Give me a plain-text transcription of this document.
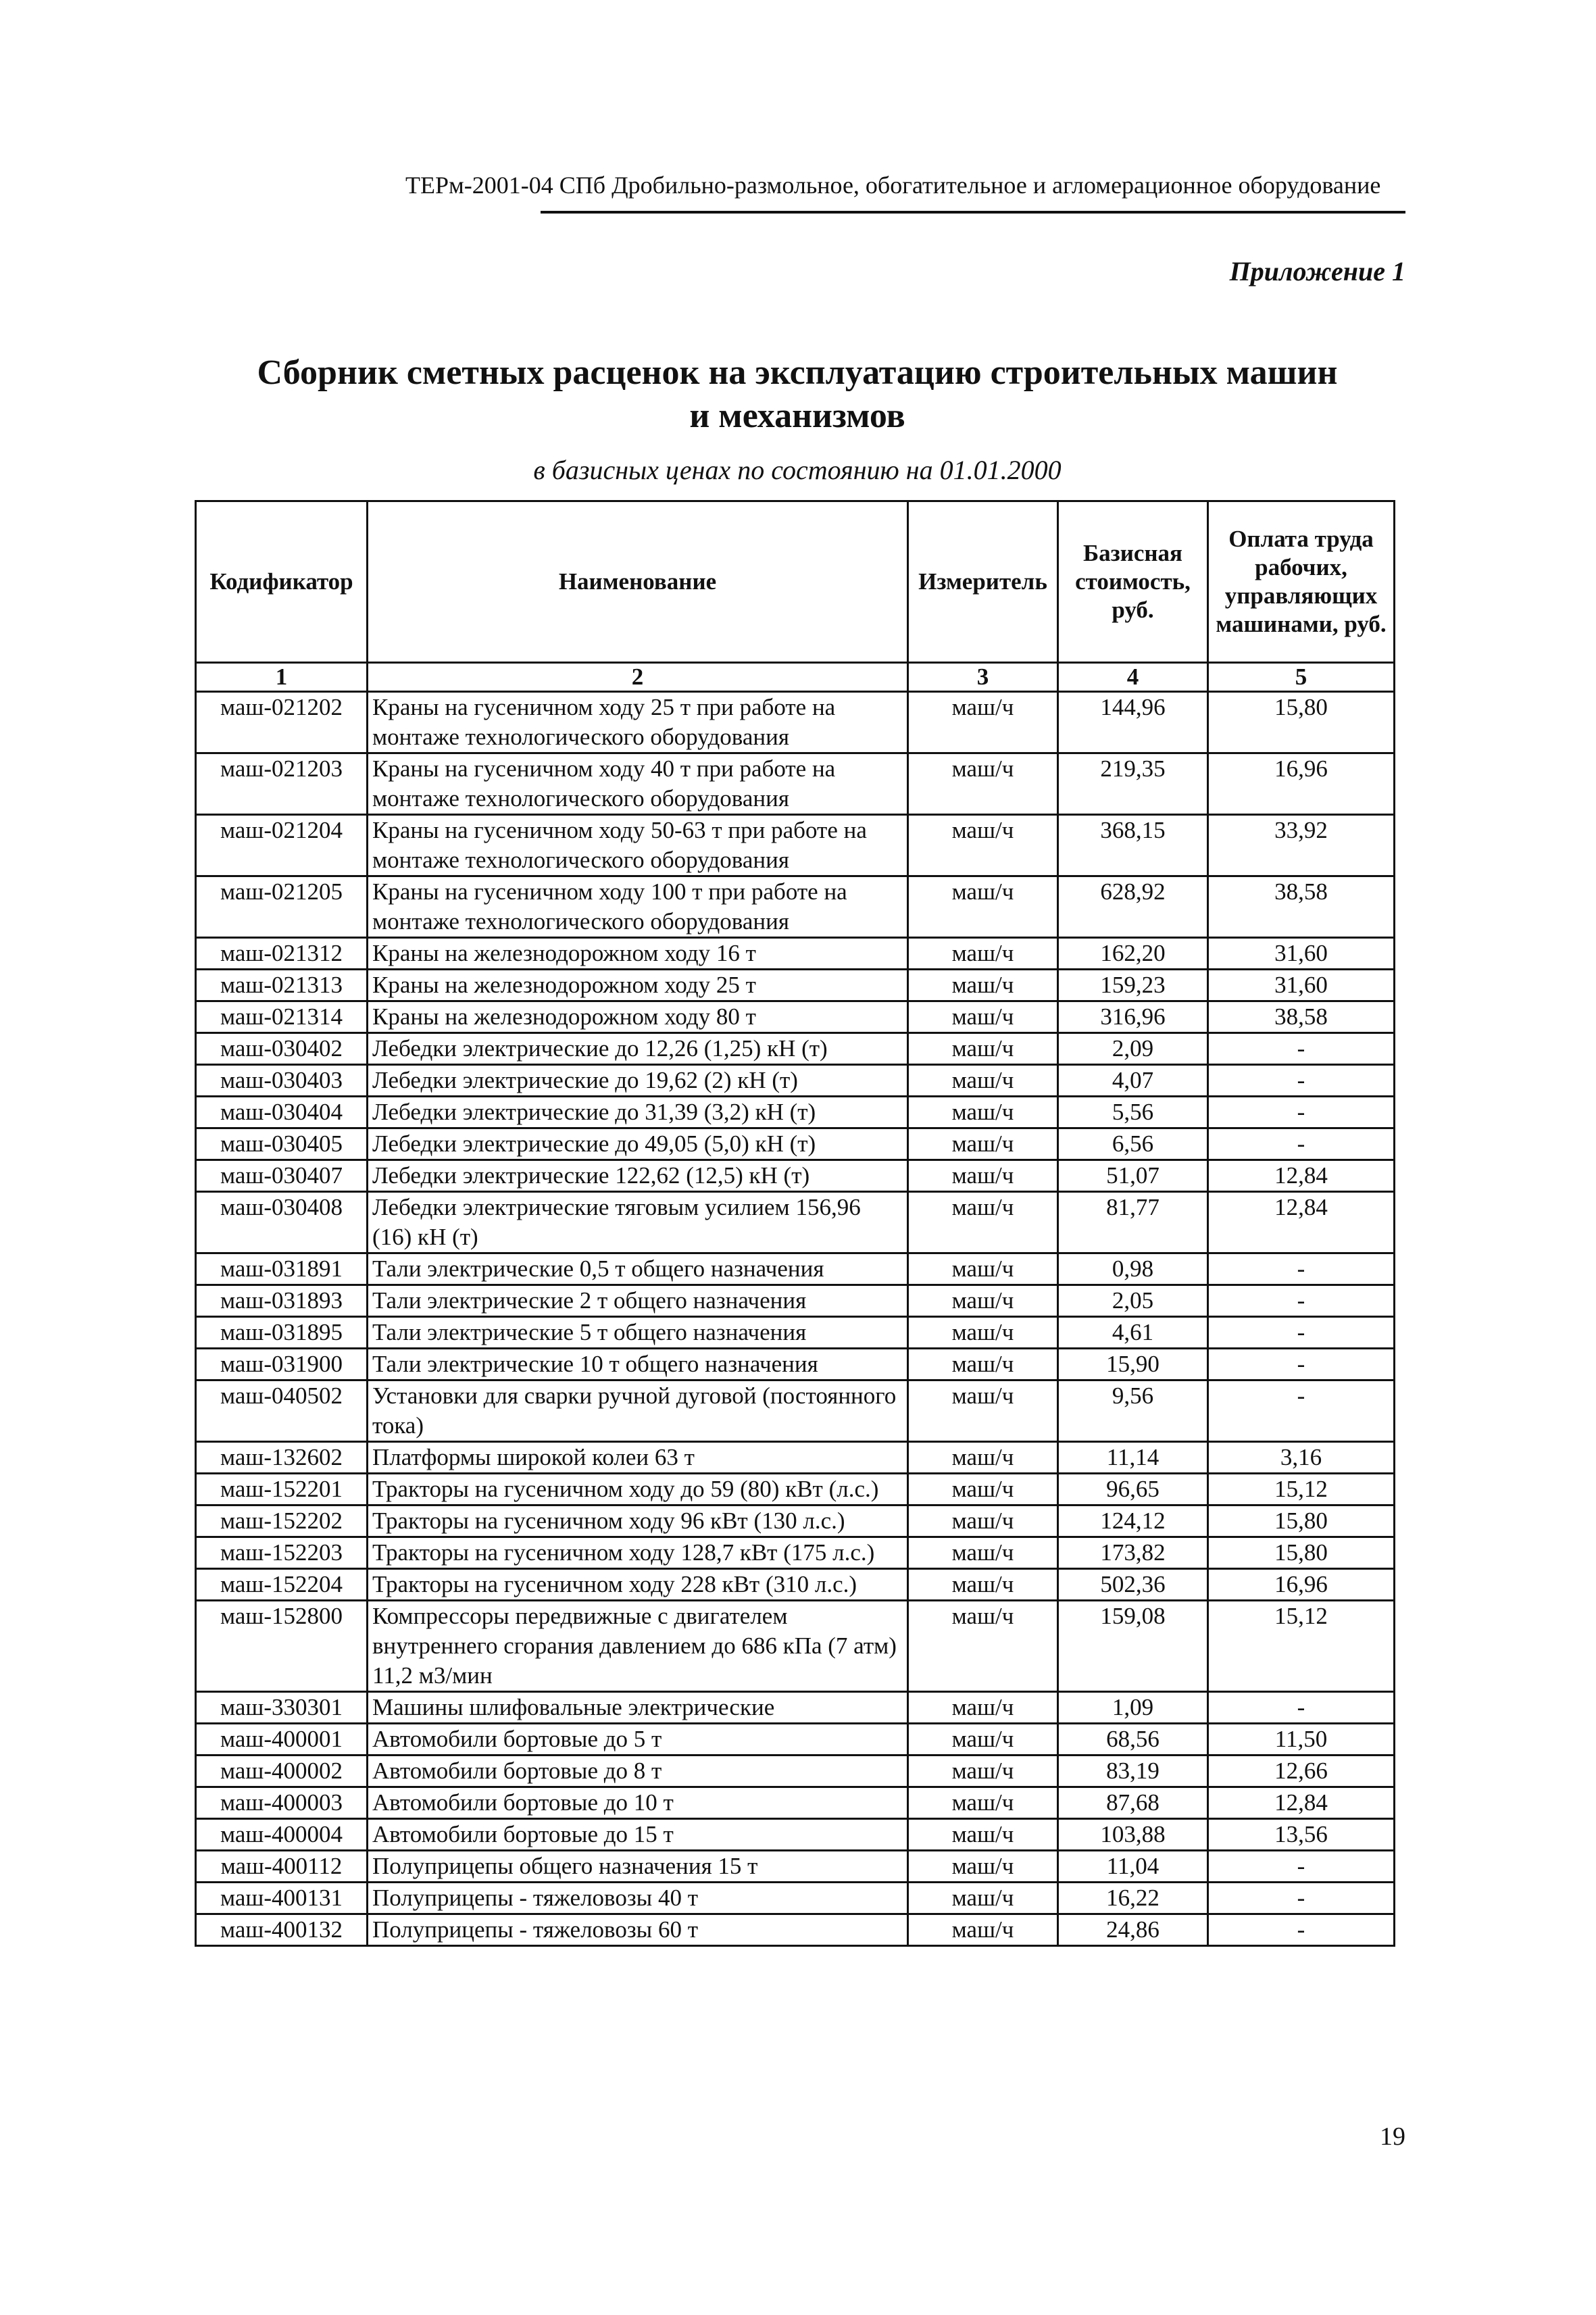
ТЕРм-2001-04 СПб Дробильно-размольное, обогатительное и агломерационное оборудование
Приложение 1
Сборник сметных расценок на эксплуатацию строительных машин
и механизмов
в базисных ценах по состоянию на 01.01.2000
Кодификатор	Наименование	Измеритель	Базисная стоимость, руб.	Оплата труда рабочих, управляющих машинами, руб.
1	2	3	4	5
маш-021202	Краны на гусеничном ходу 25 т при работе на монтаже технологического оборудования	маш/ч	144,96	15,80
маш-021203	Краны на гусеничном ходу 40 т при работе на монтаже технологического оборудования	маш/ч	219,35	16,96
маш-021204	Краны на гусеничном ходу 50-63 т при работе на монтаже технологического оборудования	маш/ч	368,15	33,92
маш-021205	Краны на гусеничном ходу 100 т при работе на монтаже технологического оборудования	маш/ч	628,92	38,58
маш-021312	Краны на железнодорожном ходу 16 т	маш/ч	162,20	31,60
маш-021313	Краны на железнодорожном ходу 25 т	маш/ч	159,23	31,60
маш-021314	Краны на железнодорожном ходу 80 т	маш/ч	316,96	38,58
маш-030402	Лебедки электрические до 12,26 (1,25) кН (т)	маш/ч	2,09	-
маш-030403	Лебедки электрические до 19,62 (2) кН (т)	маш/ч	4,07	-
маш-030404	Лебедки электрические до 31,39 (3,2) кН (т)	маш/ч	5,56	-
маш-030405	Лебедки электрические до 49,05 (5,0) кН (т)	маш/ч	6,56	-
маш-030407	Лебедки электрические 122,62 (12,5) кН (т)	маш/ч	51,07	12,84
маш-030408	Лебедки электрические тяговым усилием 156,96 (16) кН (т)	маш/ч	81,77	12,84
маш-031891	Тали электрические 0,5 т общего назначения	маш/ч	0,98	-
маш-031893	Тали электрические 2 т общего назначения	маш/ч	2,05	-
маш-031895	Тали электрические 5 т общего назначения	маш/ч	4,61	-
маш-031900	Тали электрические 10 т общего назначения	маш/ч	15,90	-
маш-040502	Установки для сварки ручной дуговой (постоянного тока)	маш/ч	9,56	-
маш-132602	Платформы широкой колеи 63 т	маш/ч	11,14	3,16
маш-152201	Тракторы на гусеничном ходу до 59 (80) кВт (л.с.)	маш/ч	96,65	15,12
маш-152202	Тракторы на гусеничном ходу 96 кВт (130 л.с.)	маш/ч	124,12	15,80
маш-152203	Тракторы на гусеничном ходу 128,7 кВт (175 л.с.)	маш/ч	173,82	15,80
маш-152204	Тракторы на гусеничном ходу 228 кВт (310 л.с.)	маш/ч	502,36	16,96
маш-152800	Компрессоры передвижные с двигателем внутреннего сгорания давлением до 686 кПа (7 атм) 11,2 м3/мин	маш/ч	159,08	15,12
маш-330301	Машины шлифовальные электрические	маш/ч	1,09	-
маш-400001	Автомобили бортовые до 5 т	маш/ч	68,56	11,50
маш-400002	Автомобили бортовые до 8 т	маш/ч	83,19	12,66
маш-400003	Автомобили бортовые до 10 т	маш/ч	87,68	12,84
маш-400004	Автомобили бортовые до 15 т	маш/ч	103,88	13,56
маш-400112	Полуприцепы общего назначения 15 т	маш/ч	11,04	-
маш-400131	Полуприцепы - тяжеловозы 40 т	маш/ч	16,22	-
маш-400132	Полуприцепы - тяжеловозы 60 т	маш/ч	24,86	-
19
